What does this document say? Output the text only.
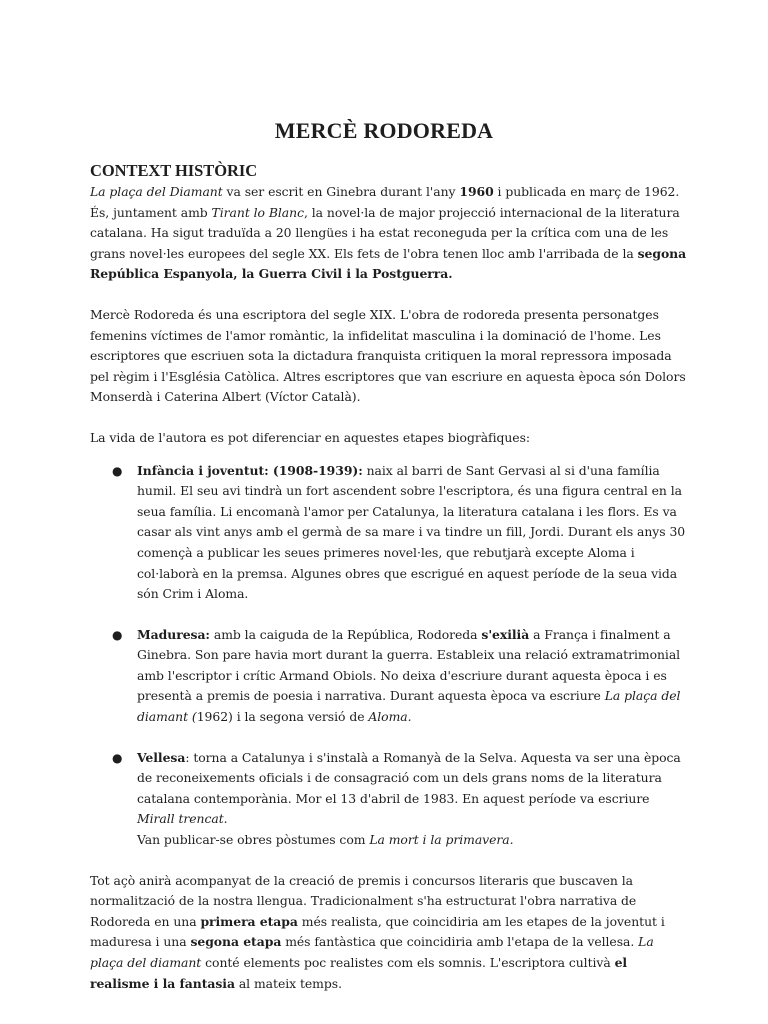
MERCÈ RODOREDA
CONTEXT HISTÒRIC

La plaça del Diamant va ser escrit en Ginebra durant l'any 1960 i publicada en març de 1962. És, juntament amb Tirant lo Blanc, la novel·la de major projecció internacional de la literatura catalana. Ha sigut traduïda a 20 llengües i ha estat reconeguda per la crítica com una de les grans novel·les europees del segle XX. Els fets de l'obra tenen lloc amb l'arribada de la segona República Espanyola, la Guerra Civil i la Postguerra.

Mercè Rodoreda és una escriptora del segle XIX. L'obra de rodoreda presenta personatges femenins víctimes de l'amor romàntic, la infidelitat masculina i la dominació de l'home. Les escriptores que escriuen sota la dictadura franquista critiquen la moral repressora imposada pel règim i l'Església Catòlica. Altres escriptores que van escriure en aquesta època són Dolors Monserdà i Caterina Albert (Víctor Català).

La vida de l'autora es pot diferenciar en aquestes etapes biogràfiques:

● Infància i joventut: (1908-1939): naix al barri de Sant Gervasi al si d'una família humil. El seu avi tindrà un fort ascendent sobre l'escriptora, és una figura central en la seua família. Li encomanà l'amor per Catalunya, la literatura catalana i les flors. Es va casar als vint anys amb el germà de sa mare i va tindre un fill, Jordi. Durant els anys 30 començà a publicar les seues primeres novel·les, que rebutjarà excepte Aloma i col·laborà en la premsa. Algunes obres que escrigué en aquest període de la seua vida són Crim i Aloma.
● Maduresa: amb la caiguda de la República, Rodoreda s'exilià a França i finalment a Ginebra. Son pare havia mort durant la guerra. Estableix una relació extramatrimonial amb l'escriptor i crític Armand Obiols. No deixa d'escriure durant aquesta època i es presentà a premis de poesia i narrativa. Durant aquesta època va escriure La plaça del diamant (1962) i la segona versió de Aloma.
● Vellesa: torna a Catalunya i s'instalà a Romanyà de la Selva. Aquesta va ser una època de reconeixements oficials i de consagració com un dels grans noms de la literatura catalana contemporània. Mor el 13 d'abril de 1983. En aquest període va escriure Mirall trencat.
Van publicar-se obres pòstumes com La mort i la primavera.

Tot açò anirà acompanyat de la creació de premis i concursos literaris que buscaven la normalització de la nostra llengua. Tradicionalment s'ha estructurat l'obra narrativa de Rodoreda en una primera etapa més realista, que coincidiria am les etapes de la joventut i maduresa i una segona etapa més fantàstica que coincidiria amb l'etapa de la vellesa. La plaça del diamant conté elements poc realistes com els somnis. L'escriptora cultivà el realisme i la fantasia al mateix temps.
